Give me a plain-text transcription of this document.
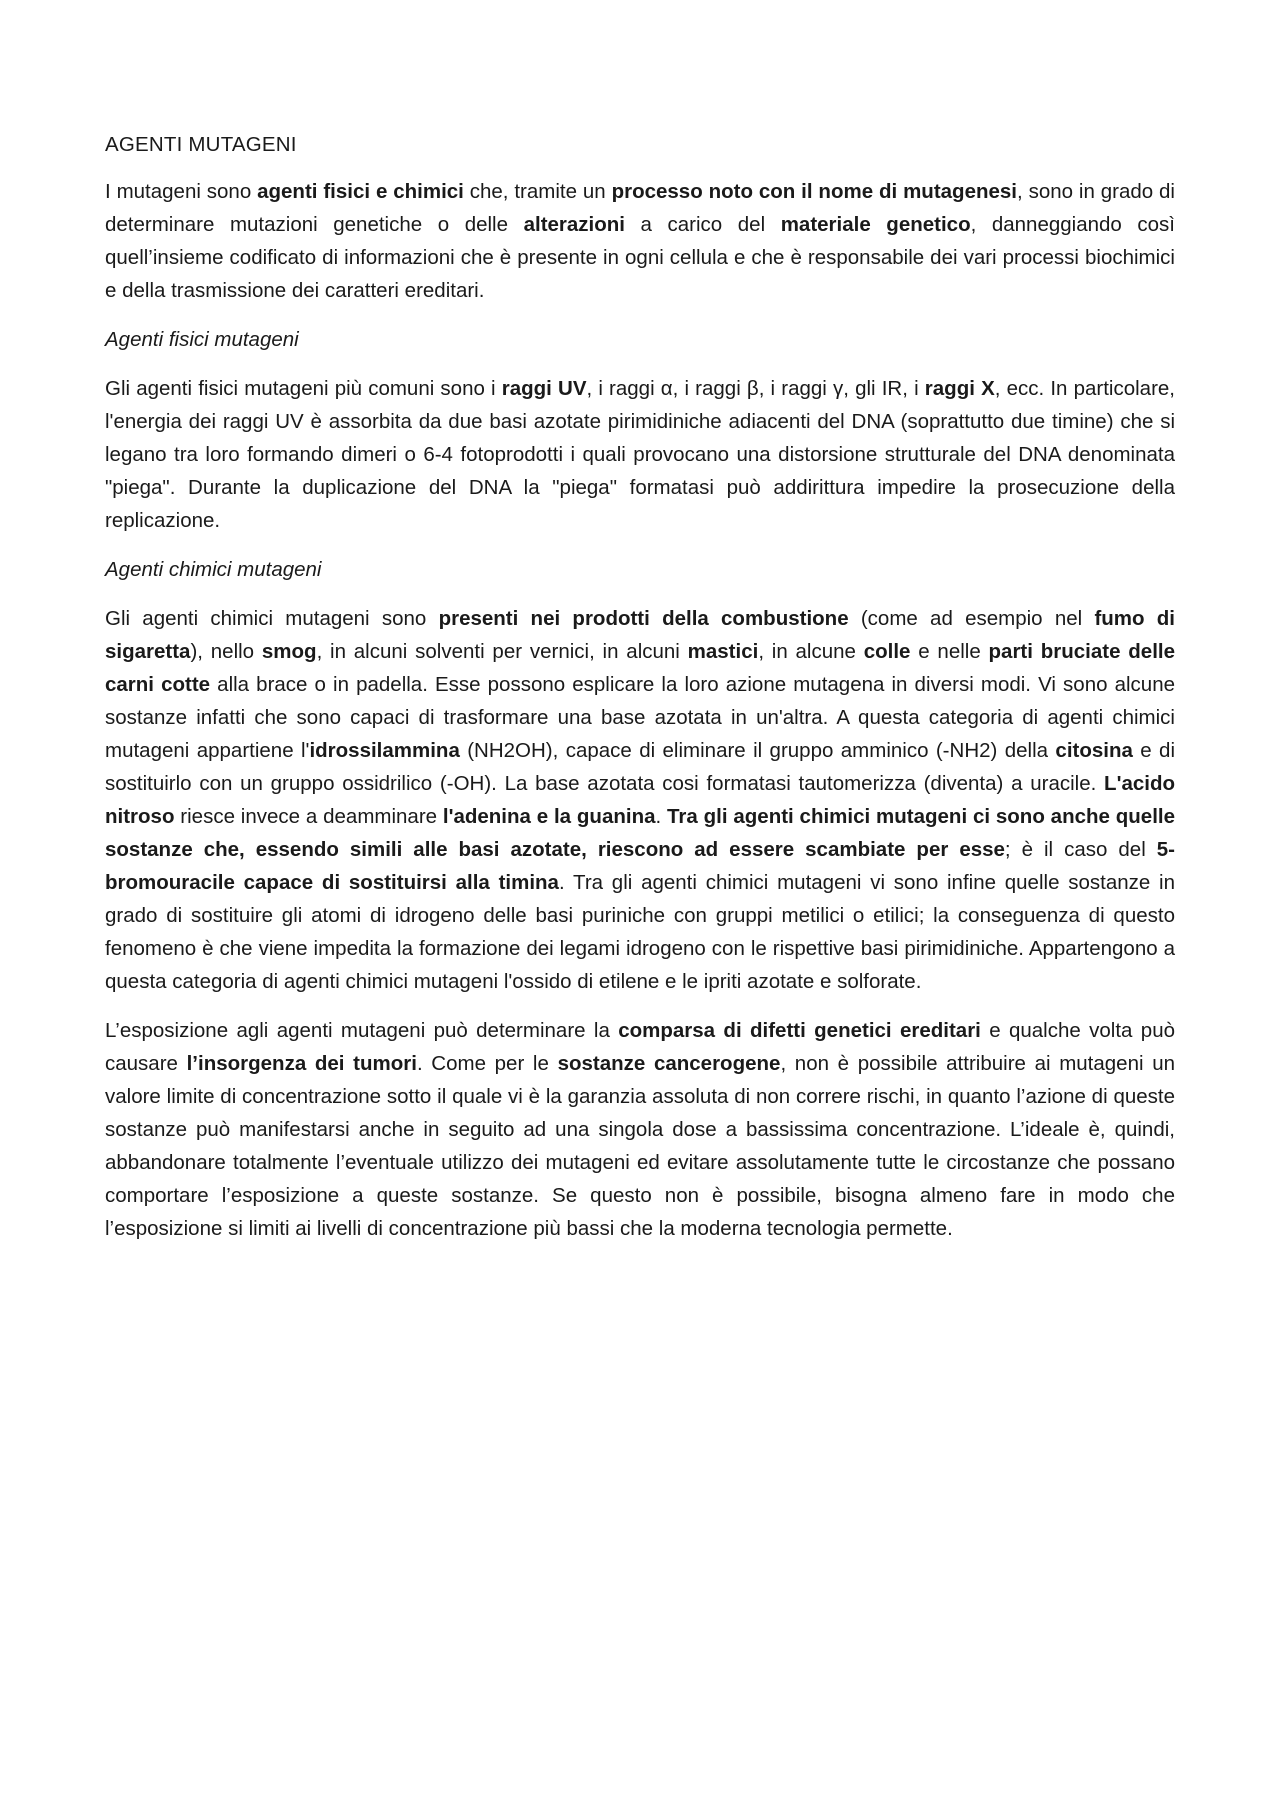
AGENTI MUTAGENI

I mutageni sono agenti fisici e chimici che, tramite un processo noto con il nome di mutagenesi, sono in grado di determinare mutazioni genetiche o delle alterazioni a carico del materiale genetico, danneggiando così quell’insieme codificato di informazioni che è presente in ogni cellula e che è responsabile dei vari processi biochimici e della trasmissione dei caratteri ereditari.

Agenti fisici mutageni

Gli agenti fisici mutageni più comuni sono i raggi UV, i raggi α, i raggi β, i raggi γ, gli IR, i raggi X, ecc. In particolare, l'energia dei raggi UV è assorbita da due basi azotate pirimidiniche adiacenti del DNA (soprattutto due timine) che si legano tra loro formando dimeri o 6-4 fotoprodotti i quali provocano una distorsione strutturale del DNA denominata "piega". Durante la duplicazione del DNA la "piega" formatasi può addirittura impedire la prosecuzione della replicazione.

Agenti chimici mutageni

Gli agenti chimici mutageni sono presenti nei prodotti della combustione (come ad esempio nel fumo di sigaretta), nello smog, in alcuni solventi per vernici, in alcuni mastici, in alcune colle e nelle parti bruciate delle carni cotte alla brace o in padella. Esse possono esplicare la loro azione mutagena in diversi modi. Vi sono alcune sostanze infatti che sono capaci di trasformare una base azotata in un'altra. A questa categoria di agenti chimici mutageni appartiene l'idrossilammina (NH2OH), capace di eliminare il gruppo amminico (-NH2) della citosina e di sostituirlo con un gruppo ossidrilico (-OH). La base azotata cosi formatasi tautomerizza (diventa) a uracile. L'acido nitroso riesce invece a deamminare l'adenina e la guanina. Tra gli agenti chimici mutageni ci sono anche quelle sostanze che, essendo simili alle basi azotate, riescono ad essere scambiate per esse; è il caso del 5-bromouracile capace di sostituirsi alla timina. Tra gli agenti chimici mutageni vi sono infine quelle sostanze in grado di sostituire gli atomi di idrogeno delle basi puriniche con gruppi metilici o etilici; la conseguenza di questo fenomeno è che viene impedita la formazione dei legami idrogeno con le rispettive basi pirimidiniche. Appartengono a questa categoria di agenti chimici mutageni l'ossido di etilene e le ipriti azotate e solforate.

L’esposizione agli agenti mutageni può determinare la comparsa di difetti genetici ereditari e qualche volta può causare l’insorgenza dei tumori. Come per le sostanze cancerogene, non è possibile attribuire ai mutageni un valore limite di concentrazione sotto il quale vi è la garanzia assoluta di non correre rischi, in quanto l’azione di queste sostanze può manifestarsi anche in seguito ad una singola dose a bassissima concentrazione. L’ideale è, quindi, abbandonare totalmente l’eventuale utilizzo dei mutageni ed evitare assolutamente tutte le circostanze che possano comportare l’esposizione a queste sostanze. Se questo non è possibile, bisogna almeno fare in modo che l’esposizione si limiti ai livelli di concentrazione più bassi che la moderna tecnologia permette.
